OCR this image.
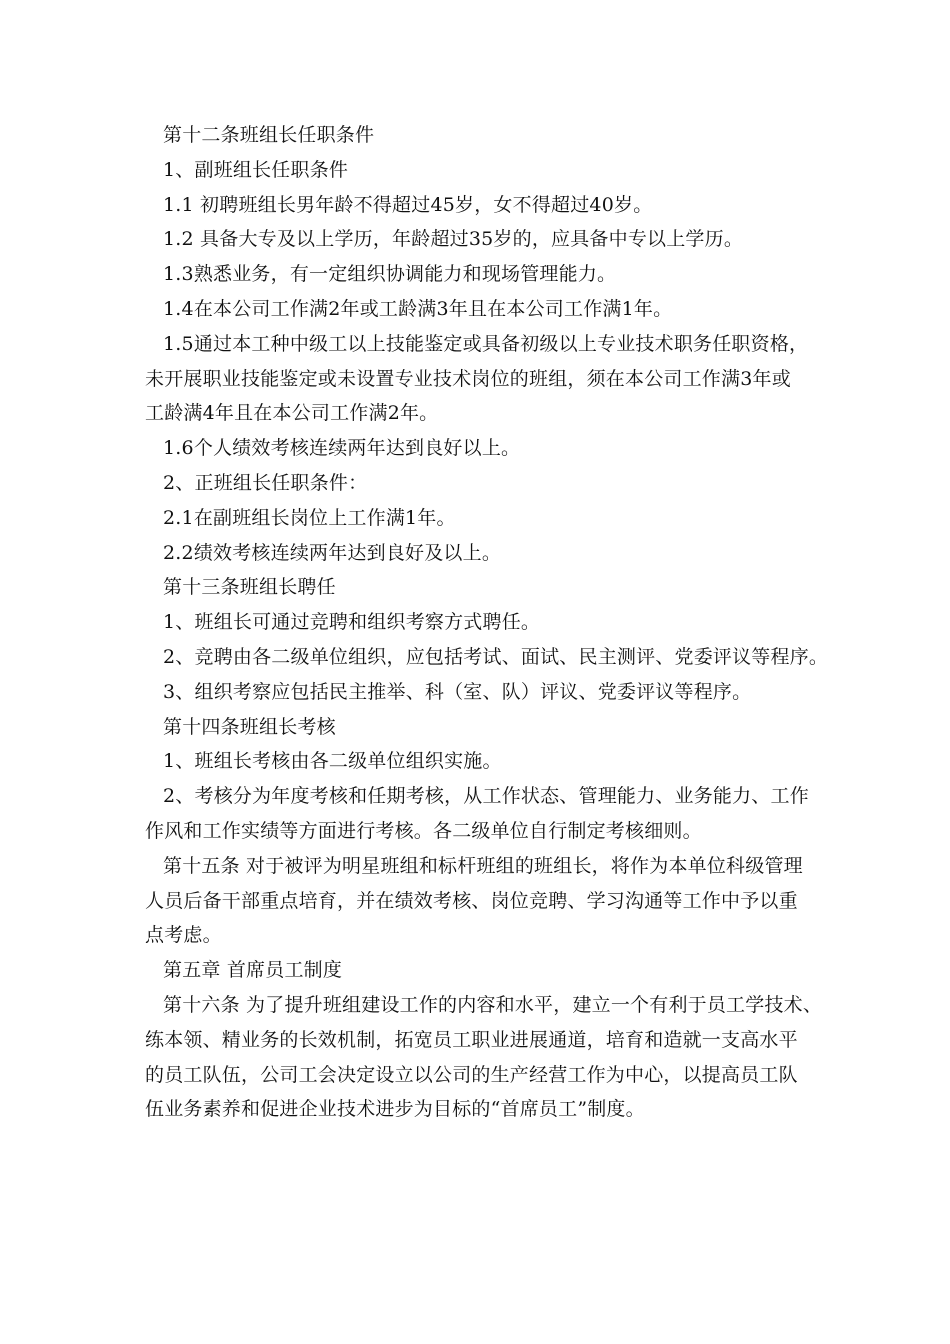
第十二条班组长任职条件
1、副班组长任职条件
1.1 初聘班组长男年龄不得超过45岁，女不得超过40岁。
1.2 具备大专及以上学历，年龄超过35岁的，应具备中专以上学历。
1.3熟悉业务，有一定组织协调能力和现场管理能力。
1.4在本公司工作满2年或工龄满3年且在本公司工作满1年。
1.5通过本工种中级工以上技能鉴定或具备初级以上专业技术职务任职资格，
未开展职业技能鉴定或未设置专业技术岗位的班组，须在本公司工作满3年或
工龄满4年且在本公司工作满2年。
1.6个人绩效考核连续两年达到良好以上。
2、正班组长任职条件：
2.1在副班组长岗位上工作满1年。
2.2绩效考核连续两年达到良好及以上。
第十三条班组长聘任
1、班组长可通过竞聘和组织考察方式聘任。
2、竞聘由各二级单位组织，应包括考试、面试、民主测评、党委评议等程序。
3、组织考察应包括民主推举、科（室、队）评议、党委评议等程序。
第十四条班组长考核
1、班组长考核由各二级单位组织实施。
2、考核分为年度考核和任期考核，从工作状态、管理能力、业务能力、工作
作风和工作实绩等方面进行考核。各二级单位自行制定考核细则。
第十五条 对于被评为明星班组和标杆班组的班组长，将作为本单位科级管理
人员后备干部重点培育，并在绩效考核、岗位竞聘、学习沟通等工作中予以重
点考虑。
第五章 首席员工制度
第十六条 为了提升班组建设工作的内容和水平，建立一个有利于员工学技术、
练本领、精业务的长效机制，拓宽员工职业进展通道，培育和造就一支高水平
的员工队伍，公司工会决定设立以公司的生产经营工作为中心，以提高员工队
伍业务素养和促进企业技术进步为目标的“首席员工”制度。
